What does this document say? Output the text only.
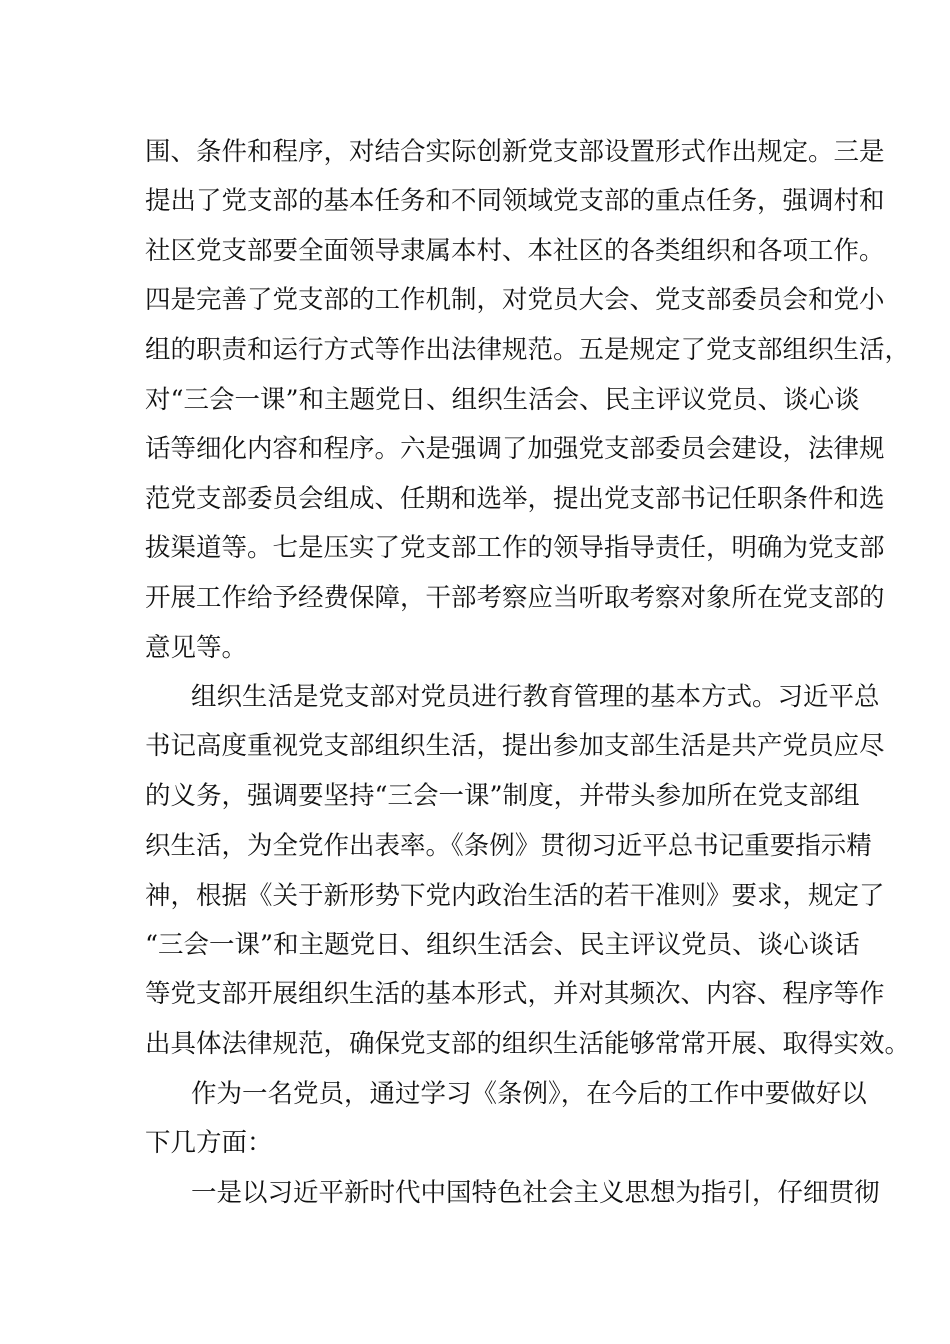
围、条件和程序，对结合实际创新党支部设置形式作出规定。三是
提出了党支部的基本任务和不同领域党支部的重点任务，强调村和
社区党支部要全面领导隶属本村、本社区的各类组织和各项工作。
四是完善了党支部的工作机制，对党员大会、党支部委员会和党小
组的职责和运行方式等作出法律规范。五是规定了党支部组织生活，
对“三会一课”和主题党日、组织生活会、民主评议党员、谈心谈
话等细化内容和程序。六是强调了加强党支部委员会建设，法律规
范党支部委员会组成、任期和选举，提出党支部书记任职条件和选
拔渠道等。七是压实了党支部工作的领导指导责任，明确为党支部
开展工作给予经费保障，干部考察应当听取考察对象所在党支部的
意见等。
组织生活是党支部对党员进行教育管理的基本方式。习近平总
书记高度重视党支部组织生活，提出参加支部生活是共产党员应尽
的义务，强调要坚持“三会一课”制度，并带头参加所在党支部组
织生活，为全党作出表率。《条例》贯彻习近平总书记重要指示精
神，根据《关于新形势下党内政治生活的若干准则》要求，规定了
“三会一课”和主题党日、组织生活会、民主评议党员、谈心谈话
等党支部开展组织生活的基本形式，并对其频次、内容、程序等作
出具体法律规范，确保党支部的组织生活能够常常开展、取得实效。
作为一名党员，通过学习《条例》，在今后的工作中要做好以
下几方面：
一是以习近平新时代中国特色社会主义思想为指引，仔细贯彻
